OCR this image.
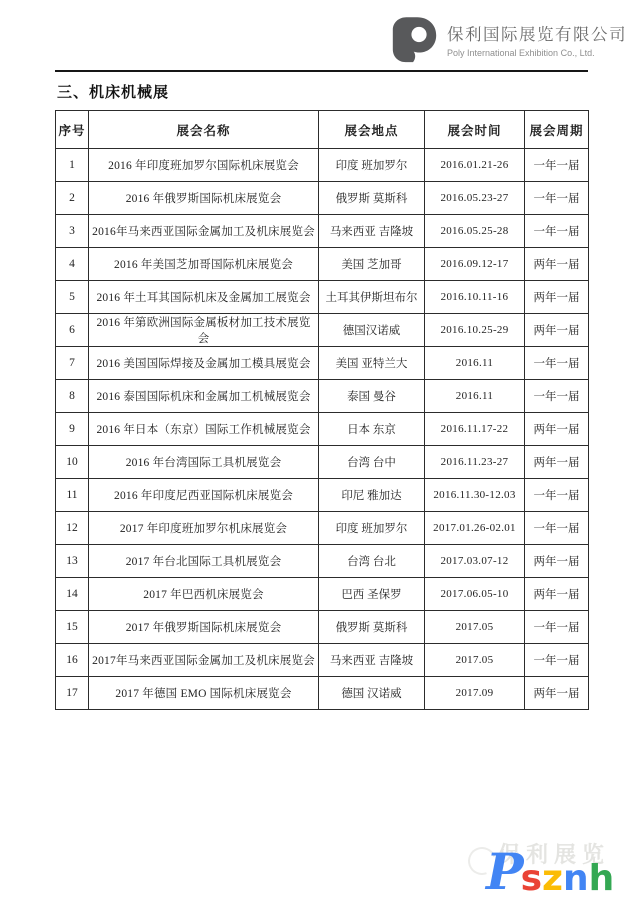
保利国际展览有限公司
Poly International Exhibition Co., Ltd.
三、机床机械展
序号	展会名称	展会地点	展会时间	展会周期
1	2016 年印度班加罗尔国际机床展览会	印度 班加罗尔	2016.01.21-26	一年一届
2	2016 年俄罗斯国际机床展览会	俄罗斯 莫斯科	2016.05.23-27	一年一届
3	2016年马来西亚国际金属加工及机床展览会	马来西亚 吉隆坡	2016.05.25-28	一年一届
4	2016 年美国芝加哥国际机床展览会	美国 芝加哥	2016.09.12-17	两年一届
5	2016 年土耳其国际机床及金属加工展览会	土耳其伊斯坦布尔	2016.10.11-16	两年一届
6	2016 年第欧洲国际金属板材加工技术展览会	德国汉诺威	2016.10.25-29	两年一届
7	2016 美国国际焊接及金属加工模具展览会	美国 亚特兰大	2016.11	一年一届
8	2016 泰国国际机床和金属加工机械展览会	泰国 曼谷	2016.11	一年一届
9	2016 年日本（东京）国际工作机械展览会	日本 东京	2016.11.17-22	两年一届
10	2016 年台湾国际工具机展览会	台湾 台中	2016.11.23-27	两年一届
11	2016 年印度尼西亚国际机床展览会	印尼 雅加达	2016.11.30-12.03	一年一届
12	2017 年印度班加罗尔机床展览会	印度 班加罗尔	2017.01.26-02.01	一年一届
13	2017 年台北国际工具机展览会	台湾 台北	2017.03.07-12	两年一届
14	2017 年巴西机床展览会	巴西 圣保罗	2017.06.05-10	两年一届
15	2017 年俄罗斯国际机床展览会	俄罗斯 莫斯科	2017.05	一年一届
16	2017年马来西亚国际金属加工及机床展览会	马来西亚 吉隆坡	2017.05	一年一届
17	2017 年德国 EMO 国际机床展览会	德国 汉诺威	2017.09	两年一届
保利展览
P
s z n h
